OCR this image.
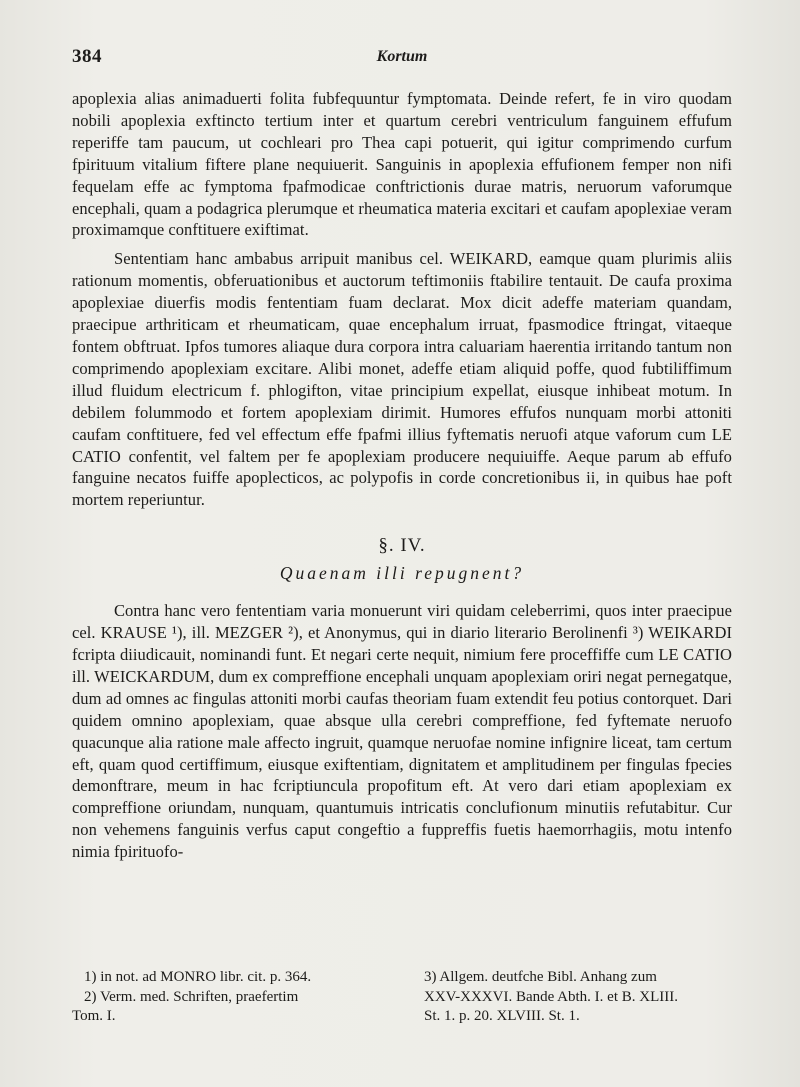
384	Kortum

apoplexia alias animaduerti folita fubfequuntur fymptomata. Deinde refert, fe in viro quodam nobili apoplexia exftincto tertium inter et quartum cerebri ventriculum fanguinem effufum reperiffe tam paucum, ut cochleari pro Thea capi potuerit, qui igitur comprimendo curfum fpirituum vitalium fiftere plane nequiuerit. Sanguinis in apoplexia effufionem femper non nifi fequelam effe ac fymptoma fpafmodicae conftrictionis durae matris, neruorum vaforumque encephali, quam a podagrica plerumque et rheumatica materia excitari et caufam apoplexiae veram proximamque conftituere exiftimat.

Sententiam hanc ambabus arripuit manibus cel. WEIKARD, eamque quam plurimis aliis rationum momentis, obferuationibus et auctorum teftimoniis ftabilire tentauit. De caufa proxima apoplexiae diuerfis modis fententiam fuam declarat. Mox dicit adeffe materiam quandam, praecipue arthriticam et rheumaticam, quae encephalum irruat, fpasmodice ftringat, vitaeque fontem obftruat. Ipfos tumores aliaque dura corpora intra caluariam haerentia irritando tantum non comprimendo apoplexiam excitare. Alibi monet, adeffe etiam aliquid poffe, quod fubtiliffimum illud fluidum electricum f. phlogifton, vitae principium expellat, eiusque inhibeat motum. In debilem folummodo et fortem apoplexiam dirimit. Humores effufos nunquam morbi attoniti caufam conftituere, fed vel effectum effe fpafmi illius fyftematis neruofi atque vaforum cum LE CATIO confentit, vel faltem per fe apoplexiam producere nequiuiffe. Aeque parum ab effufo fanguine necatos fuiffe apoplecticos, ac polypofis in corde concretionibus ii, in quibus hae poft mortem reperiuntur.

§. IV.
Quaenam illi repugnent?

Contra hanc vero fententiam varia monuerunt viri quidam celeberrimi, quos inter praecipue cel. KRAUSE ¹), ill. MEZGER ²), et Anonymus, qui in diario literario Berolinenfi ³) WEIKARDI fcripta diiudicauit, nominandi funt. Et negari certe nequit, nimium fere proceffiffe cum LE CATIO ill. WEICKARDUM, dum ex compreffione encephali unquam apoplexiam oriri negat pernegatque, dum ad omnes ac fingulas attoniti morbi caufas theoriam fuam extendit feu potius contorquet. Dari quidem omnino apoplexiam, quae absque ulla cerebri compreffione, fed fyftemate neruofo quacunque alia ratione male affecto ingruit, quamque neruofae nomine infignire liceat, tam certum eft, quam quod certiffimum, eiusque exiftentiam, dignitatem et amplitudinem per fingulas fpecies demonftrare, meum in hac fcriptiuncula propofitum eft. At vero dari etiam apoplexiam ex compreffione oriundam, nunquam, quantumuis intricatis conclufionum minutiis refutabitur. Cur non vehemens fanguinis verfus caput congeftio a fuppreffis fuetis haemorrhagiis, motu intenfo nimia fpirituofo-

1) in not. ad MONRO libr. cit. p. 364.
2) Verm. med. Schriften, praefertim
Tom. I.
3) Allgem. deutfche Bibl. Anhang zum
XXV-XXXVI. Bande Abth. I. et B. XLIII.
St. 1. p. 20. XLVIII. St. 1.
